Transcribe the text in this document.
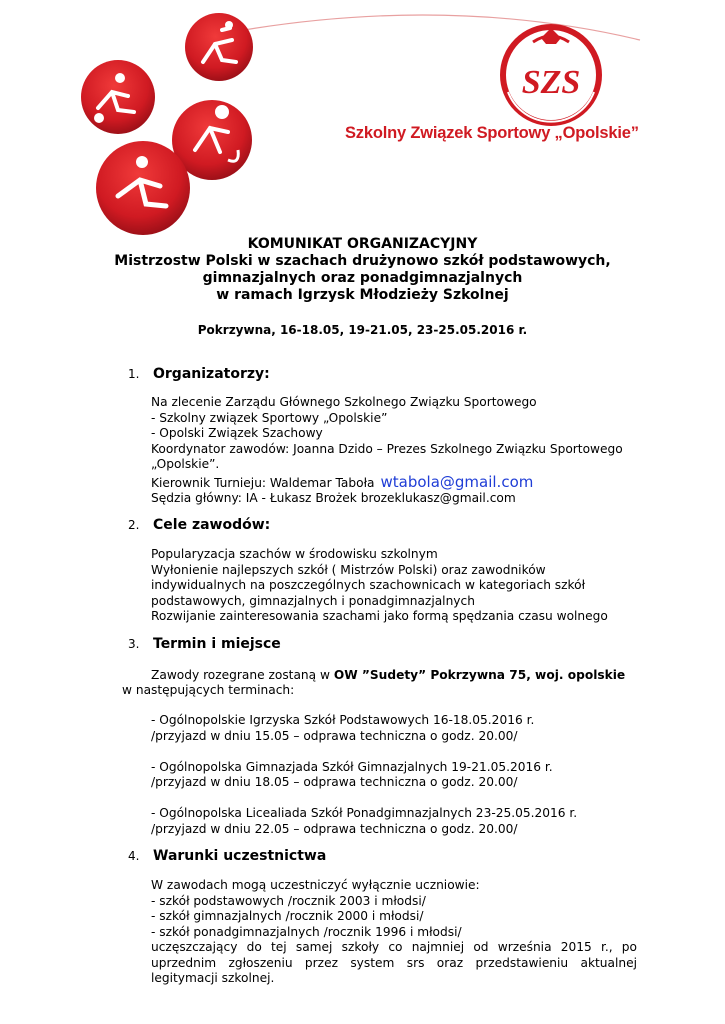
SZS
Szkolny Związek Sportowy „Opolskie”
KOMUNIKAT ORGANIZACYJNY
Mistrzostw Polski w szachach drużynowo szkół podstawowych,
gimnazjalnych oraz ponadgimnazjalnych
w ramach Igrzysk Młodzieży Szkolnej
Pokrzywna, 16-18.05, 19-21.05, 23-25.05.2016 r.
1. Organizatorzy:
Na zlecenie Zarządu Głównego Szkolnego Związku Sportowego
- Szkolny związek Sportowy „Opolskie”
- Opolski Związek Szachowy
Koordynator zawodów: Joanna Dzido – Prezes Szkolnego Związku Sportowego
„Opolskie”.
Kierownik Turnieju: Waldemar Taboła wtabola@gmail.com
Sędzia główny: IA - Łukasz Brożek brozeklukasz@gmail.com
2. Cele zawodów:
Popularyzacja szachów w środowisku szkolnym
Wyłonienie najlepszych szkół ( Mistrzów Polski) oraz zawodników
indywidualnych na poszczególnych szachownicach w kategoriach szkół
podstawowych, gimnazjalnych i ponadgimnazjalnych
Rozwijanie zainteresowania szachami jako formą spędzania czasu wolnego
3. Termin i miejsce
Zawody rozegrane zostaną w OW ”Sudety” Pokrzywna 75, woj. opolskie
w następujących terminach:
- Ogólnopolskie Igrzyska Szkół Podstawowych 16-18.05.2016 r.
/przyjazd w dniu 15.05 – odprawa techniczna o godz. 20.00/
- Ogólnopolska Gimnazjada Szkół Gimnazjalnych 19-21.05.2016 r.
/przyjazd w dniu 18.05 – odprawa techniczna o godz. 20.00/
- Ogólnopolska Licealiada Szkół Ponadgimnazjalnych 23-25.05.2016 r.
/przyjazd w dniu 22.05 – odprawa techniczna o godz. 20.00/
4. Warunki uczestnictwa
W zawodach mogą uczestniczyć wyłącznie uczniowie:
- szkół podstawowych /rocznik 2003 i młodsi/
- szkół gimnazjalnych /rocznik 2000 i młodsi/
- szkół ponadgimnazjalnych /rocznik 1996 i młodsi/
uczęszczający do tej samej szkoły co najmniej od września 2015 r., po uprzednim zgłoszeniu przez system srs oraz przedstawieniu aktualnej legitymacji szkolnej.
